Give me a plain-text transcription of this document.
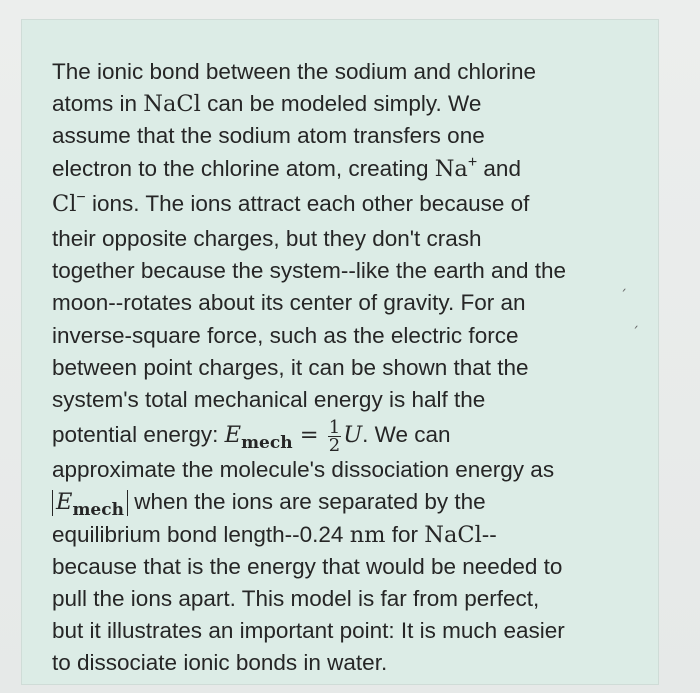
The ionic bond between the sodium and chlorine
atoms in NaCl can be modeled simply. We
assume that the sodium atom transfers one
electron to the chlorine atom, creating Na+ and
Cl− ions. The ions attract each other because of
their opposite charges, but they don't crash
together because the system--like the earth and the
moon--rotates about its center of gravity. For an
inverse-square force, such as the electric force
between point charges, it can be shown that the
system's total mechanical energy is half the
potential energy: $E_{mech} = \frac{1}{2} U$. We can
approximate the molecule's dissociation energy as
$E_{mech}$ when the ions are separated by the
equilibrium bond length--0.24 nm for NaCl--
because that is the energy that would be needed to
pull the ions apart. This model is far from perfect,
but it illustrates an important point: It is much easier
to dissociate ionic bonds in water.
ˏ
ˏ
